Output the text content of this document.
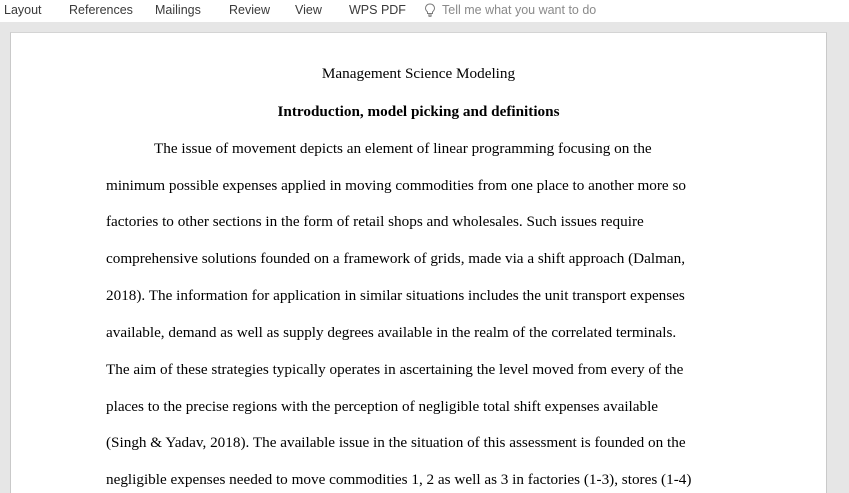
Layout References Mailings Review View WPS PDF	Tell me what you want to do
Management Science Modeling
Introduction, model picking and definitions
The issue of movement depicts an element of linear programming focusing on the
minimum possible expenses applied in moving commodities from one place to another more so
factories to other sections in the form of retail shops and wholesales. Such issues require
comprehensive solutions founded on a framework of grids, made via a shift approach (Dalman,
2018). The information for application in similar situations includes the unit transport expenses
available, demand as well as supply degrees available in the realm of the correlated terminals.
The aim of these strategies typically operates in ascertaining the level moved from every of the
places to the precise regions with the perception of negligible total shift expenses available
(Singh & Yadav, 2018). The available issue in the situation of this assessment is founded on the
negligible expenses needed to move commodities 1, 2 as well as 3 in factories (1-3), stores (1-4)
